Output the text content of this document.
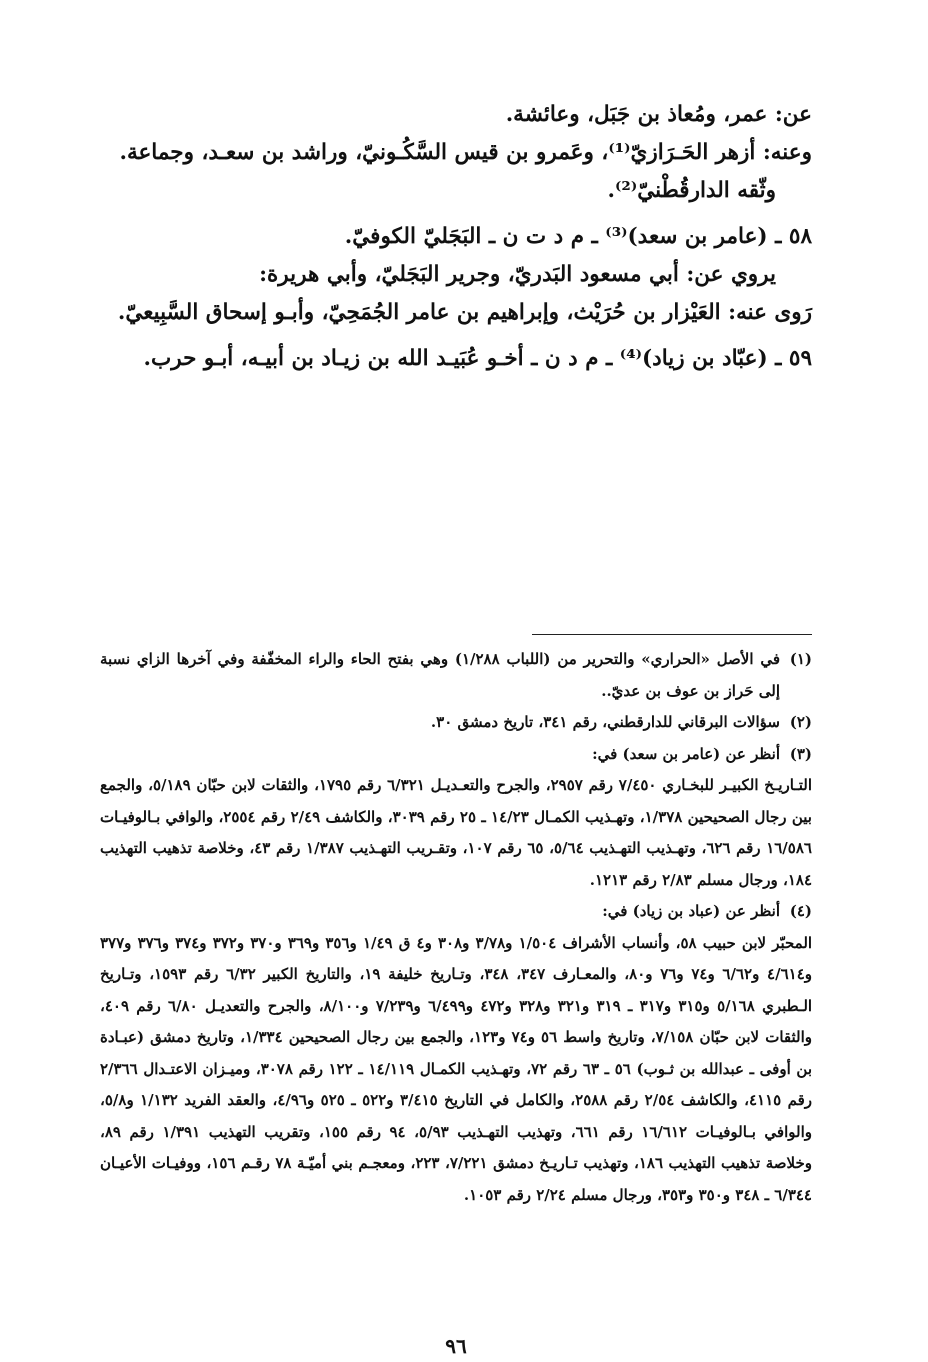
عن: عمر، ومُعاذ بن جَبَل، وعائشة.

وعنه: أزهر الحَـرَازيّ⁽¹⁾، وعَمرو بن قيس السَّكُـونيّ، وراشد بن سعـد، وجماعة.

وثّقه الدارقُطْنيّ⁽²⁾.

٥٨ ـ (عامر بن سعد)⁽³⁾ ـ م د ت ن ـ البَجَليّ الكوفيّ.

يروي عن: أبي مسعود البَدريّ، وجرير البَجَليّ، وأبي هريرة:

رَوى عنه: العَيْزار بن حُرَيْث، وإبراهيم بن عامر الجُمَحِيّ، وأبـو إسحاق السَّبِيعيّ.

٥٩ ـ (عبّاد بن زياد)⁽⁴⁾ ـ م د ن ـ أخـو عُبَيـد الله بن زيـاد بن أبيـه، أبـو حرب.

(١)
في الأصل «الحراري» والتحرير من (اللباب ١/٢٨٨) وهي بفتح الحاء والراء المخفّفة وفي آخرها الزاي نسبة إلى حَراز بن عوف بن عديّ..
(٢)
سؤالات البرقاني للدارقطني، رقم ٣٤١، تاريخ دمشق ٣٠.
(٣)
أنظر عن (عامر بن سعد) في:

التـاريـخ الكبيـر للبخـاري ٧/٤٥٠ رقم ٢٩٥٧، والجرح والتعـديـل ٦/٣٢١ رقم ١٧٩٥، والثقات لابن حبّان ٥/١٨٩، والجمع بين رجال الصحيحين ١/٣٧٨، وتهـذيب الكمـال ١٤/٢٣ ـ ٢٥ رقم ٣٠٣٩، والكاشف ٢/٤٩ رقم ٢٥٥٤، والوافي بـالوفيـات ١٦/٥٨٦ رقم ٦٢٦، وتهـذيب التهـذيب ٥/٦٤، ٦٥ رقم ١٠٧، وتقـريب التهـذيب ١/٣٨٧ رقم ٤٣، وخلاصة تذهيب التهذيب ١٨٤، ورجال مسلم ٢/٨٣ رقم ١٢١٣.

(٤)
أنظر عن (عباد بن زياد) في:

المحبّر لابن حبيب ٥٨، وأنساب الأشراف ١/٥٠٤ و٣/٧٨ و٣٠٨ و٤ ق ١/٤٩ و٣٥٦ و٣٦٩ و٣٧٠ و٣٧٢ و٣٧٤ و٣٧٦ و٣٧٧ و٤/٦١٤ و٦/٦٢ و٧٤ و٧٦ و٨٠، والمعـارف ٣٤٧، ٣٤٨، وتـاريخ خليفة ١٩، والتاريخ الكبير ٦/٣٢ رقم ١٥٩٣، وتـاريخ الـطبري ٥/١٦٨ و٣١٥ و٣١٧ ـ ٣١٩ و٣٢١ و٣٢٨ و٤٧٢ و٦/٤٩٩ و٧/٢٣٩ و٨/١٠٠، والجرح والتعديـل ٦/٨٠ رقم ٤٠٩، والثقات لابن حبّان ٧/١٥٨، وتاريخ واسط ٥٦ و٧٤ و١٢٣، والجمع بين رجال الصحيحين ١/٣٣٤، وتاريخ دمشق (عبـادة بن أوفى ـ عبدالله بن ثـوب) ٥٦ ـ ٦٣ رقم ٧٢، وتهـذيب الكمـال ١٤/١١٩ ـ ١٢٢ رقم ٣٠٧٨، وميـزان الاعتـدال ٢/٣٦٦ رقم ٤١١٥، والكاشف ٢/٥٤ رقم ٢٥٨٨، والكامل في التاريخ ٣/٤١٥ و٥٢٢ ـ ٥٢٥ و٤/٩٦، والعقد الفريد ١/١٣٢ و٥/٨، والوافي بـالوفيـات ١٦/٦١٢ رقم ٦٦١، وتهذيب التهـذيب ٥/٩٣، ٩٤ رقم ١٥٥، وتقريب التهذيب ١/٣٩١ رقم ٨٩، وخلاصة تذهيب التهذيب ١٨٦، وتهذيب تـاريـخ دمشق ٧/٢٢١، ٢٢٣، ومعجـم بني أميّـة ٧٨ رقـم ١٥٦، ووفيـات الأعيـان ٦/٣٤٤ ـ ٣٤٨ و٣٥٠ و٣٥٣، ورجال مسلم ٢/٢٤ رقم ١٠٥٣.

٩٦
